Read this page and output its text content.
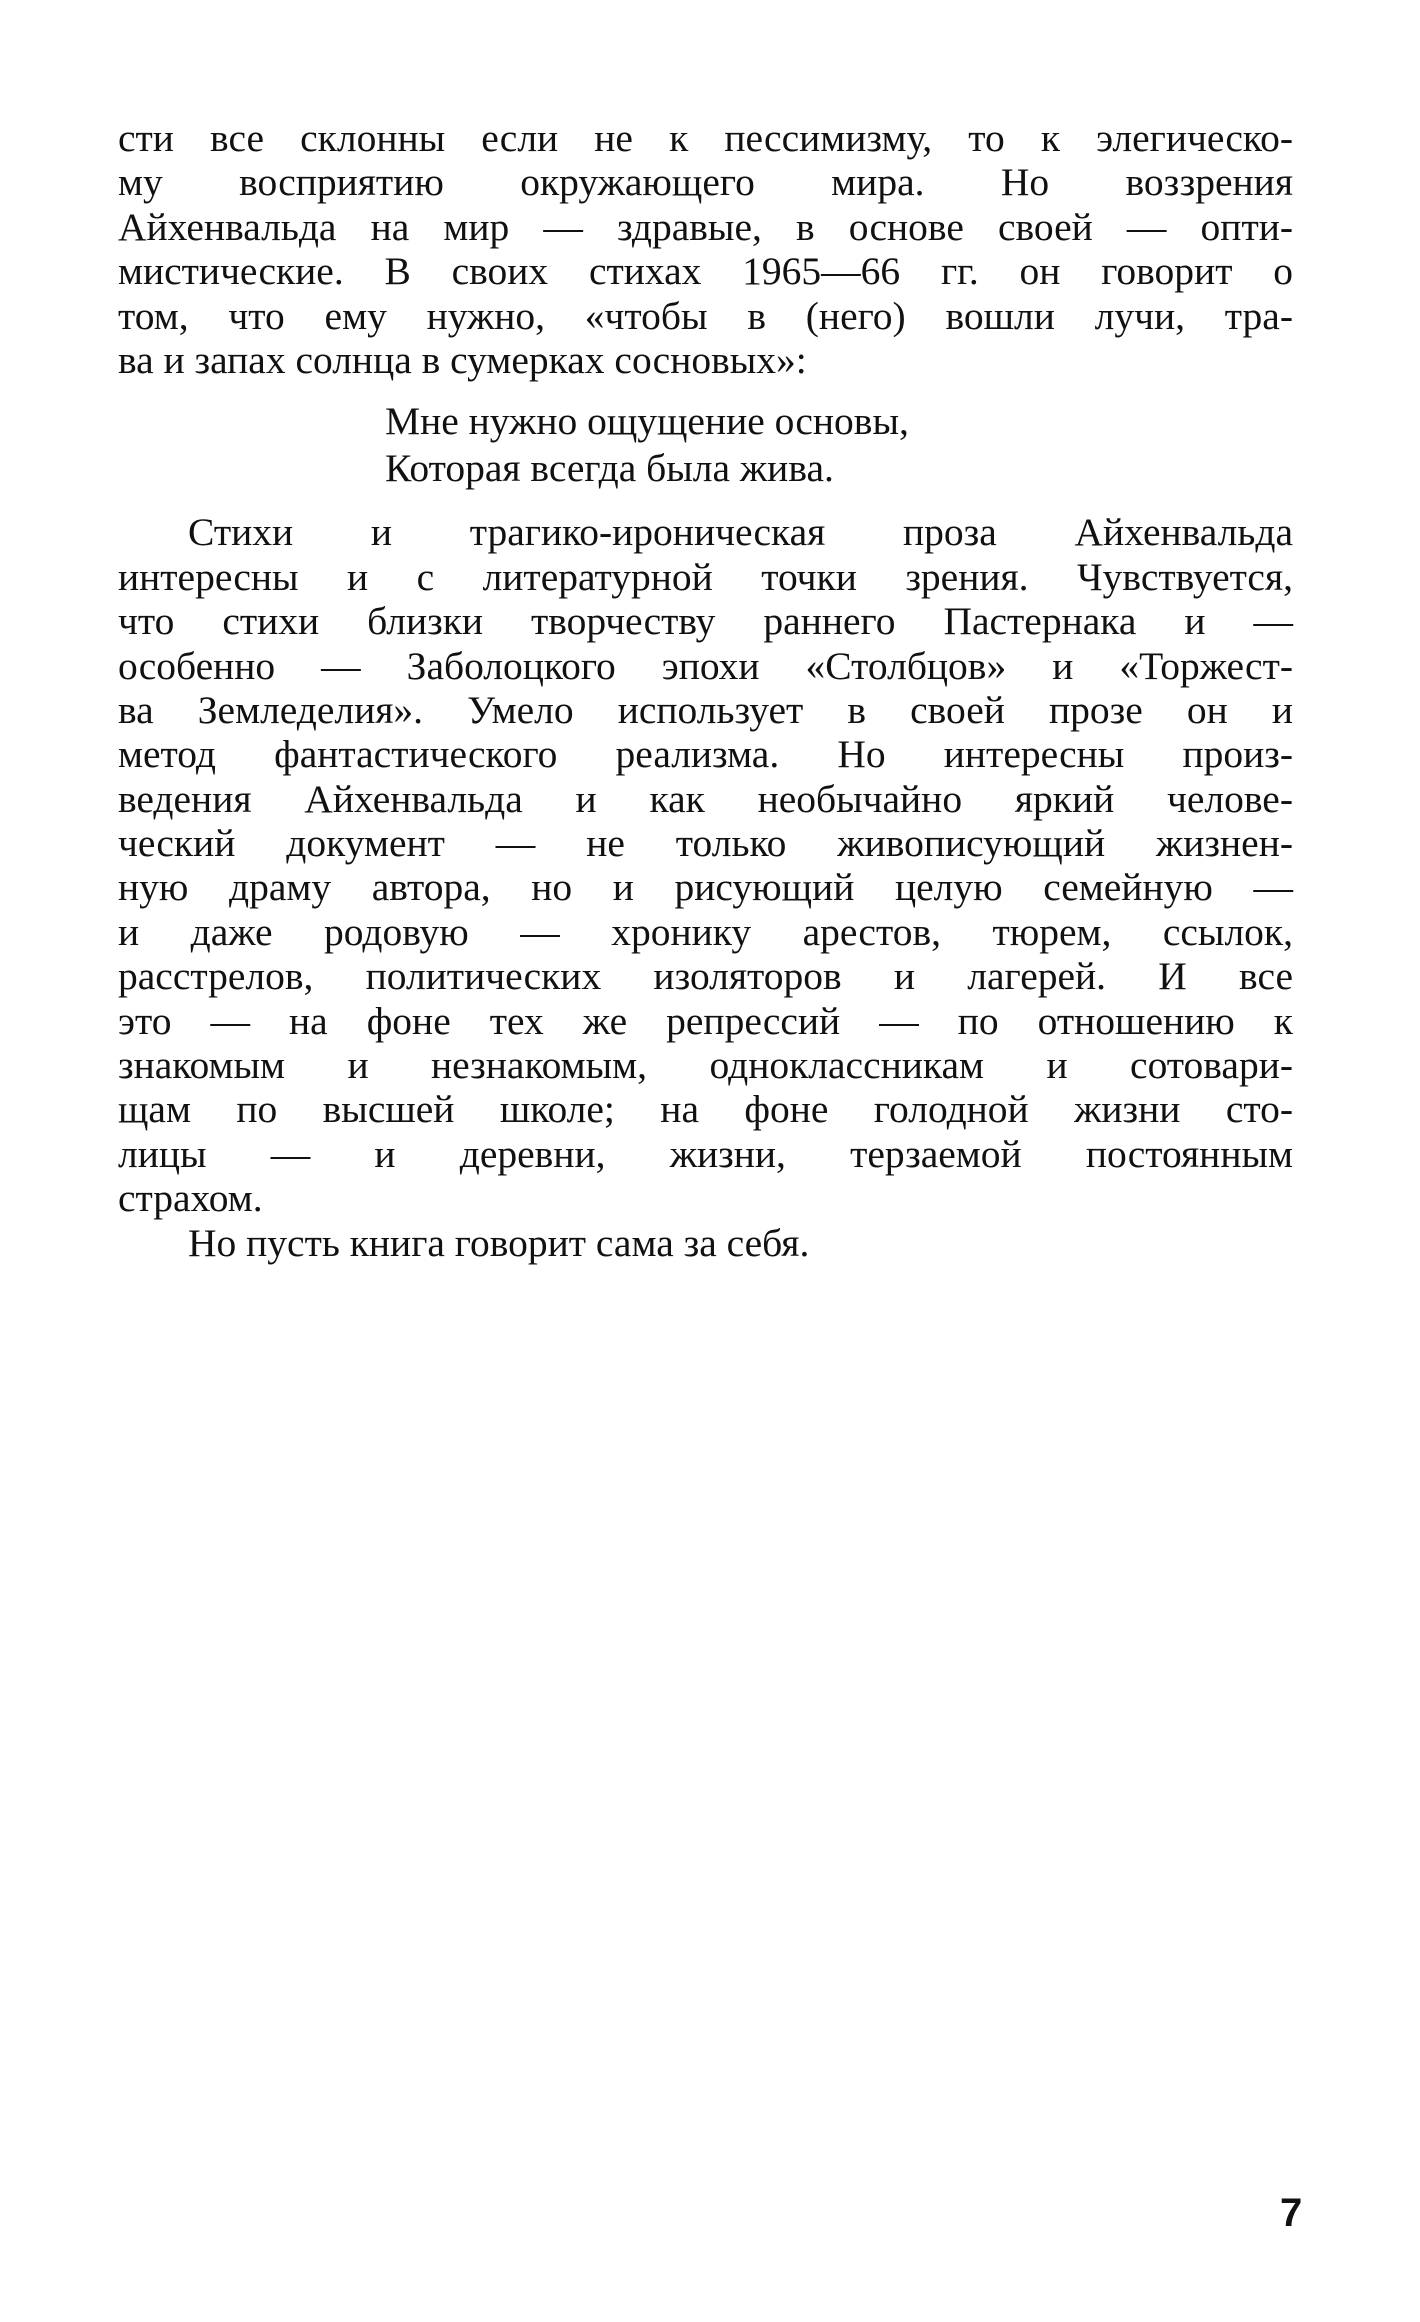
сти все склонны если не к пессимизму, то к элегическо-
му восприятию окружающего мира. Но воззрения
Айхенвальда на мир — здравые, в основе своей — опти-
мистические. В своих стихах 1965—66 гг. он говорит о
том, что ему нужно, «чтобы в (него) вошли лучи, тра-
ва и запах солнца в сумерках сосновых»:
Мне нужно ощущение основы,
Которая всегда была жива.
Стихи и трагико-ироническая проза Айхенвальда
интересны и с литературной точки зрения. Чувствуется,
что стихи близки творчеству раннего Пастернака и —
особенно — Заболоцкого эпохи «Столбцов» и «Торжест-
ва Земледелия». Умело использует в своей прозе он и
метод фантастического реализма. Но интересны произ-
ведения Айхенвальда и как необычайно яркий челове-
ческий документ — не только живописующий жизнен-
ную драму автора, но и рисующий целую семейную —
и даже родовую — хронику арестов, тюрем, ссылок,
расстрелов, политических изоляторов и лагерей. И все
это — на фоне тех же репрессий — по отношению к
знакомым и незнакомым, одноклассникам и сотовари-
щам по высшей школе; на фоне голодной жизни сто-
лицы — и деревни, жизни, терзаемой постоянным
страхом.
Но пусть книга говорит сама за себя.
7
